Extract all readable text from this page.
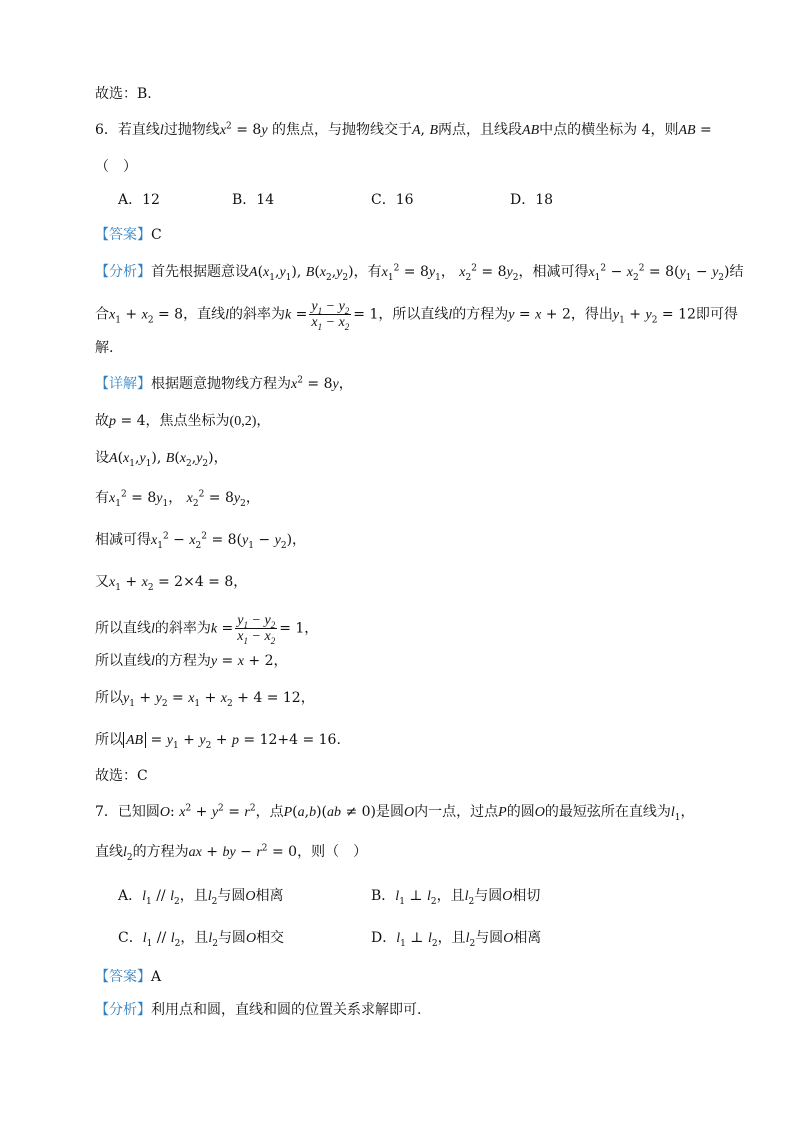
故选：B.
6．若直线l过抛物线$x^2 = 8y$ 的焦点，与抛物线交于A, B两点，且线段AB中点的横坐标为 4，则AB =
（　）
A．12	B．14	C．16	D．18
【答案】C
【分析】首先根据题意设$A(x_1,y_1)$, $B(x_2,y_2)$，有$x_1^2 = 8y_1$， $x_2^2 = 8y_2$，相减可得$x_1^2 - x_2^2 = 8(y_1 - y_2)$结
合$x_1 + x_2 = 8$，直线l的斜率为$k = \frac{y_1 - y_2}{x_1 - x_2} = 1$，所以直线l的方程为y = x + 2，得出$y_1 + y_2 = 12$即可得
解.
【详解】根据题意抛物线方程为$x^2 = 8y$，
故p = 4，焦点坐标为(0,2)，
设$A(x_1,y_1)$, $B(x_2,y_2)$，
有$x_1^2 = 8y_1$， $x_2^2 = 8y_2$，
相减可得$x_1^2 - x_2^2 = 8(y_1 - y_2)$，
又$x_1 + x_2 = 2\times 4 = 8$，
所以直线l的斜率为$k = \frac{y_1 - y_2}{x_1 - x_2} = 1$，
所以直线l的方程为y = x + 2，
所以$y_1 + y_2 = x_1 + x_2 + 4 = 12$，
所以 AB = $y_1 + y_2 + p = 12+4 = 16$.
故选：C
7．已知圆O: $x^2 + y^2 = r^2$，点P(a,b)(ab ≠ 0)是圆O内一点，过点P的圆O的最短弦所在直线为$l_1$，
直线$l_2$的方程为ax + by − $r^2 = 0$，则（　）
A．$l_1 // l_2$，且$l_2$与圆O相离	B．$l_1$ ⊥ $l_2$，且$l_2$与圆O相切
C．$l_1 // l_2$，且$l_2$与圆O相交	D．$l_1$ ⊥ $l_2$，且$l_2$与圆O相离
【答案】A
【分析】利用点和圆，直线和圆的位置关系求解即可.
